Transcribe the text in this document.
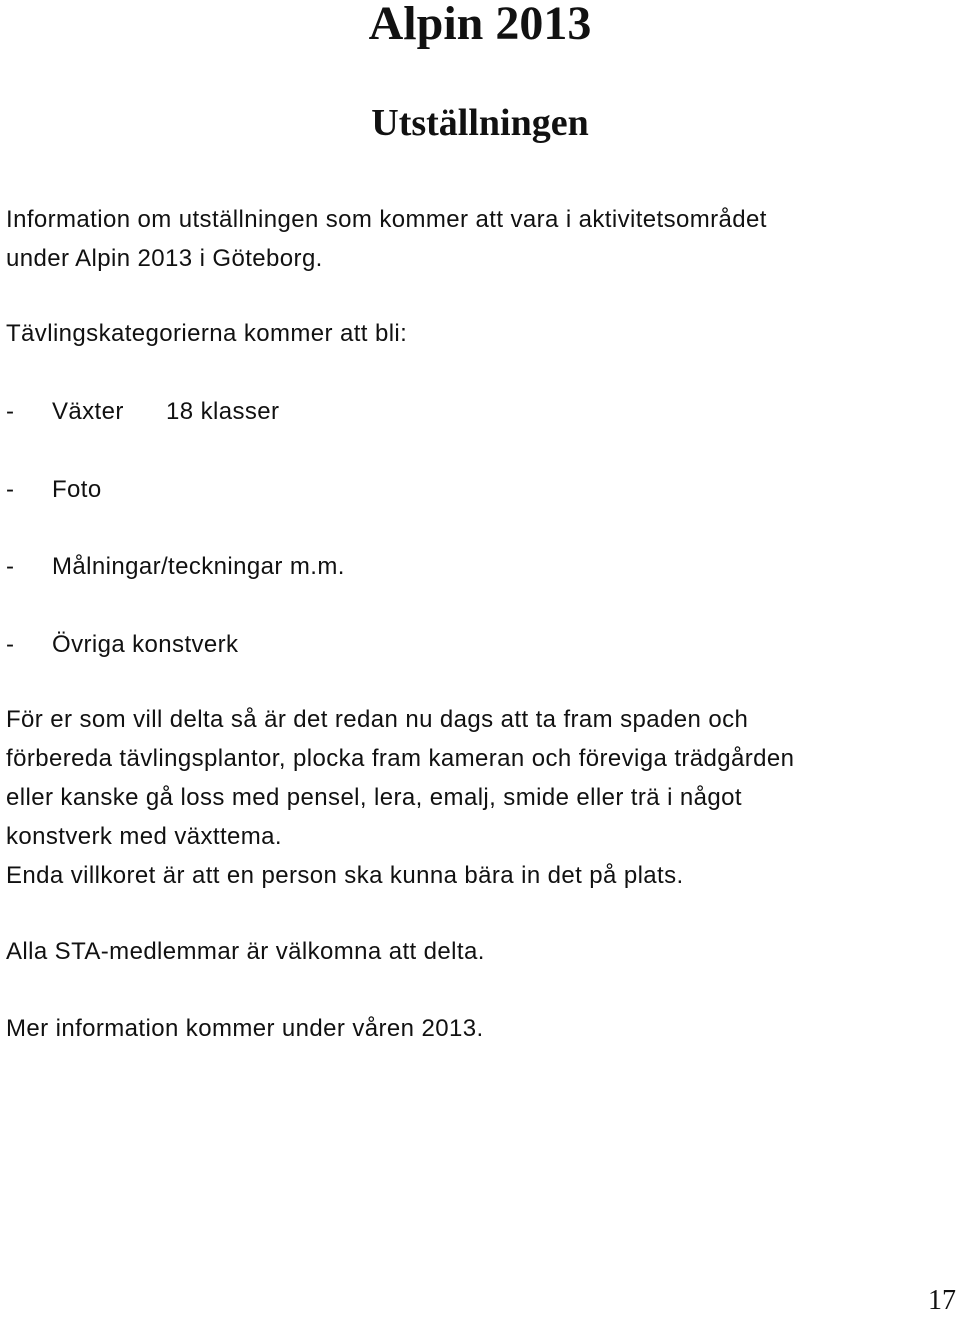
Alpin 2013
Utställningen
Information om utställningen som kommer att vara i aktivitetsområdet
under Alpin 2013 i Göteborg.
Tävlingskategorierna kommer att bli:
-	Växter	18 klasser
-	Foto
-	Målningar/teckningar m.m.
-	Övriga konstverk
För er som vill delta så är det redan nu dags att ta fram spaden och
förbereda tävlingsplantor, plocka fram kameran och föreviga trädgården
eller kanske gå loss med pensel, lera, emalj, smide eller trä i något
konstverk med växttema.
Enda villkoret är att en person ska kunna bära in det på plats.
Alla STA-medlemmar är välkomna att delta.
Mer information kommer under våren 2013.
17
